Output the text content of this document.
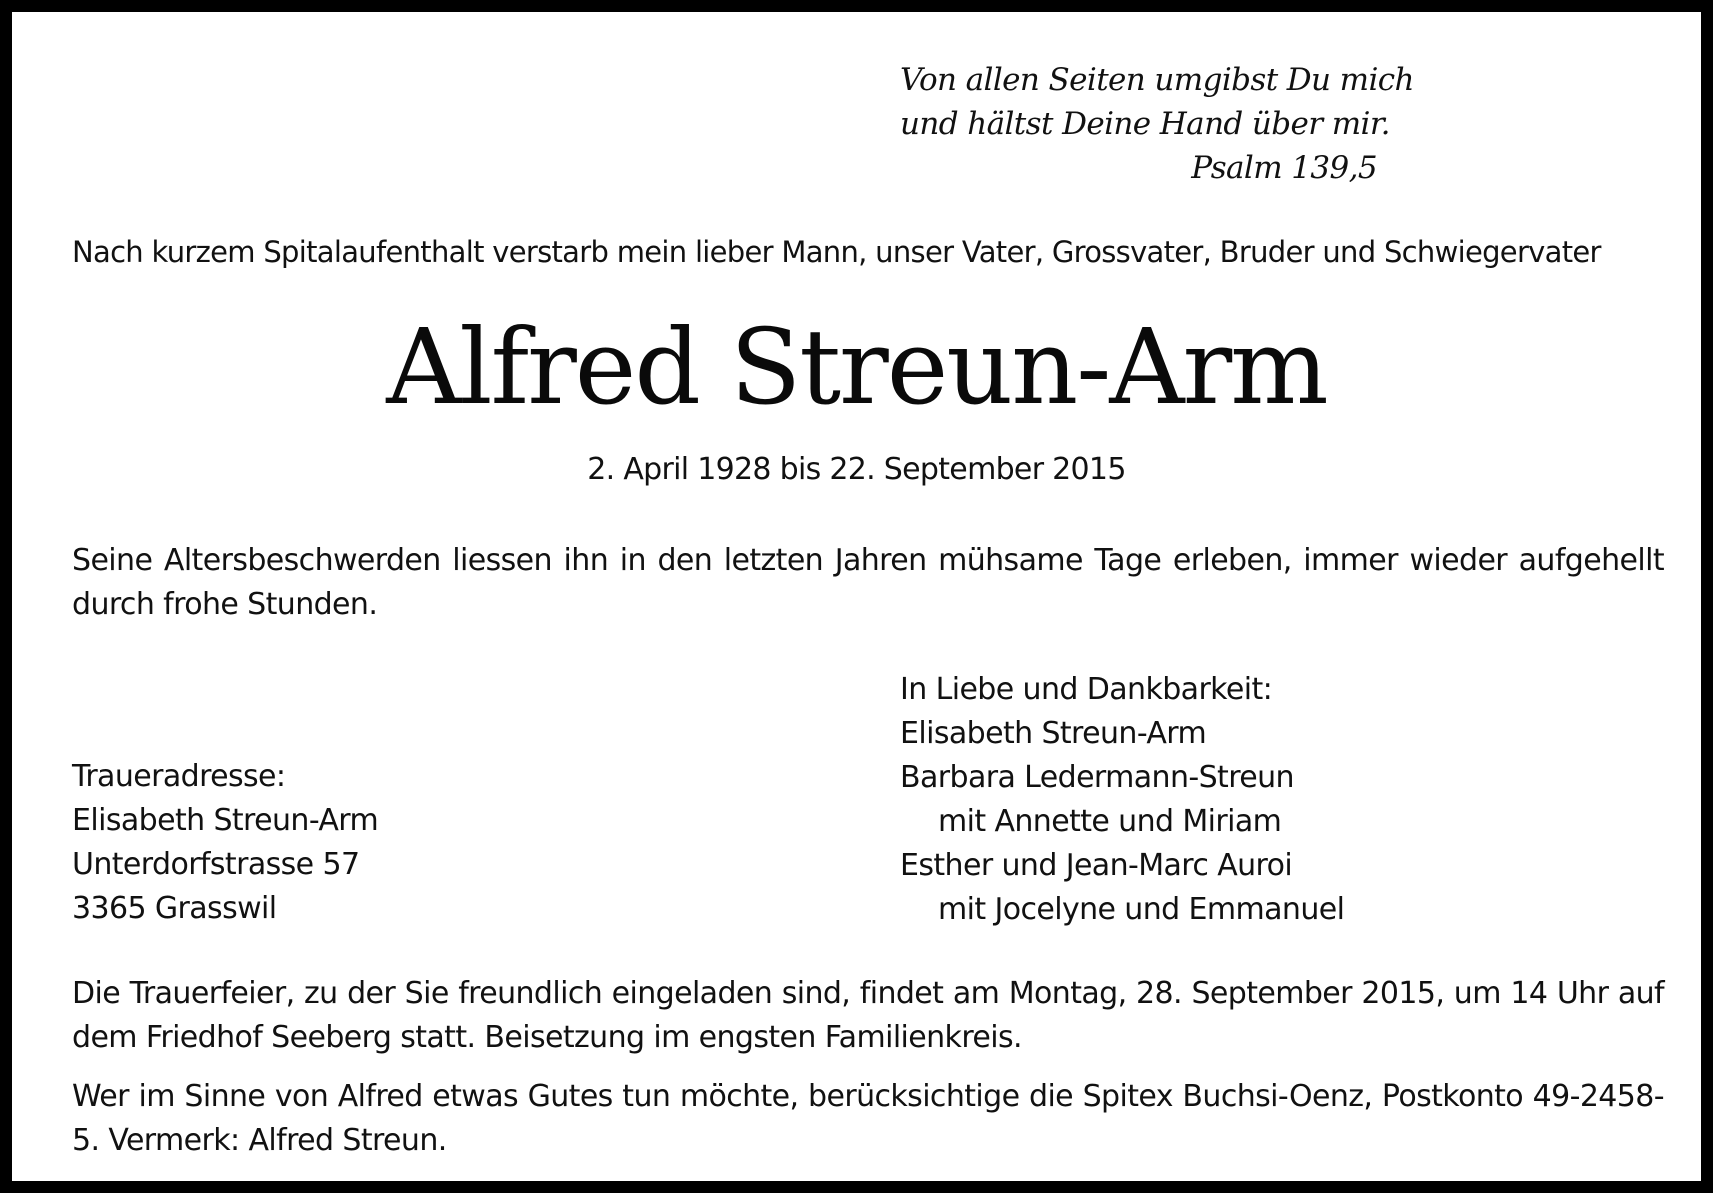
Von allen Seiten umgibst Du mich
und hältst Deine Hand über mir.
Psalm 139,5
Nach kurzem Spitalaufenthalt verstarb mein lieber Mann, unser Vater, Grossvater, Bruder und Schwiegervater
Alfred Streun-Arm
2. April 1928 bis 22. September 2015
Seine Altersbeschwerden liessen ihn in den letzten Jahren mühsame Tage erleben, immer wieder aufgehellt durch frohe Stunden.
In Liebe und Dankbarkeit:
Elisabeth Streun-Arm
Barbara Ledermann-Streun
mit Annette und Miriam
Esther und Jean-Marc Auroi
mit Jocelyne und Emmanuel
Traueradresse:
Elisabeth Streun-Arm
Unterdorfstrasse 57
3365 Grasswil
Die Trauerfeier, zu der Sie freundlich eingeladen sind, findet am Montag, 28. September 2015, um 14 Uhr auf dem Friedhof Seeberg statt. Beisetzung im engsten Familienkreis.
Wer im Sinne von Alfred etwas Gutes tun möchte, berücksichtige die Spitex Buchsi-Oenz, Postkonto 49-2458-5. Vermerk: Alfred Streun.
